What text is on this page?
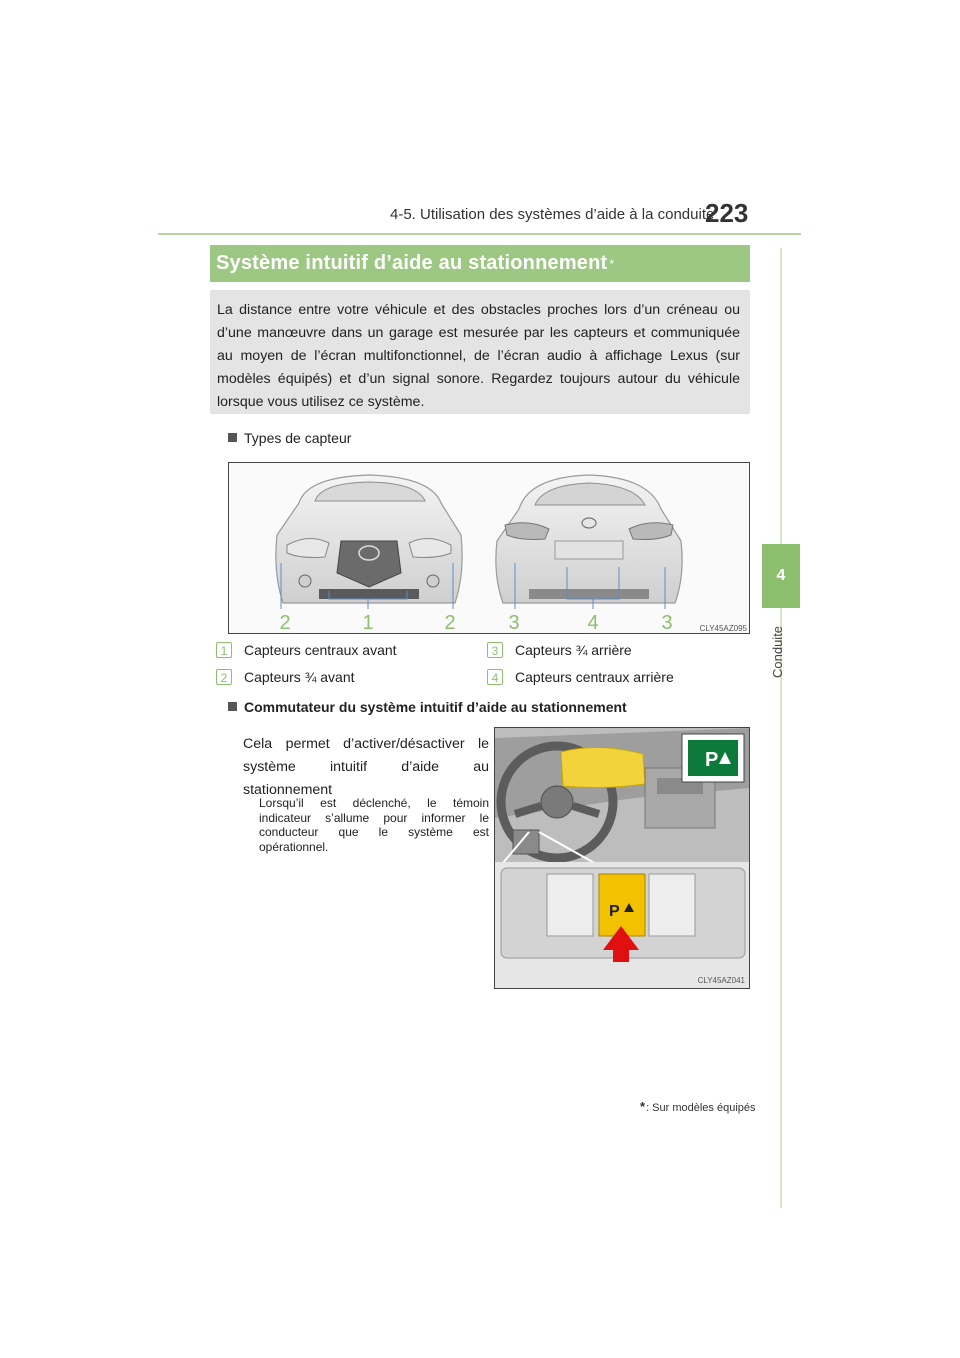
4-5. Utilisation des systèmes d’aide à la conduite
223
4
Conduite
Système intuitif d’aide au stationnement *
La distance entre votre véhicule et des obstacles proches lors d’un créneau ou d’une manœuvre dans un garage est mesurée par les capteurs et communiquée au moyen de l’écran multifonctionnel, de l’écran audio à affichage Lexus (sur modèles équipés) et d’un signal sonore. Regardez toujours autour du véhicule lorsque vous utilisez ce système.
Types de capteur
2	1	2	3	4	3	CLY45AZ095
1	Capteurs centraux avant
2	Capteurs ¾ avant
3	Capteurs ¾ arrière
4	Capteurs centraux arrière
Commutateur du système intuitif d’aide au stationnement
Cela permet d’activer/désactiver le système intuitif d’aide au stationnement
Lorsqu’il est déclenché, le témoin indicateur s’allume pour informer le conducteur que le système est opérationnel.
P
P
CLY45AZ041
*: Sur modèles équipés
